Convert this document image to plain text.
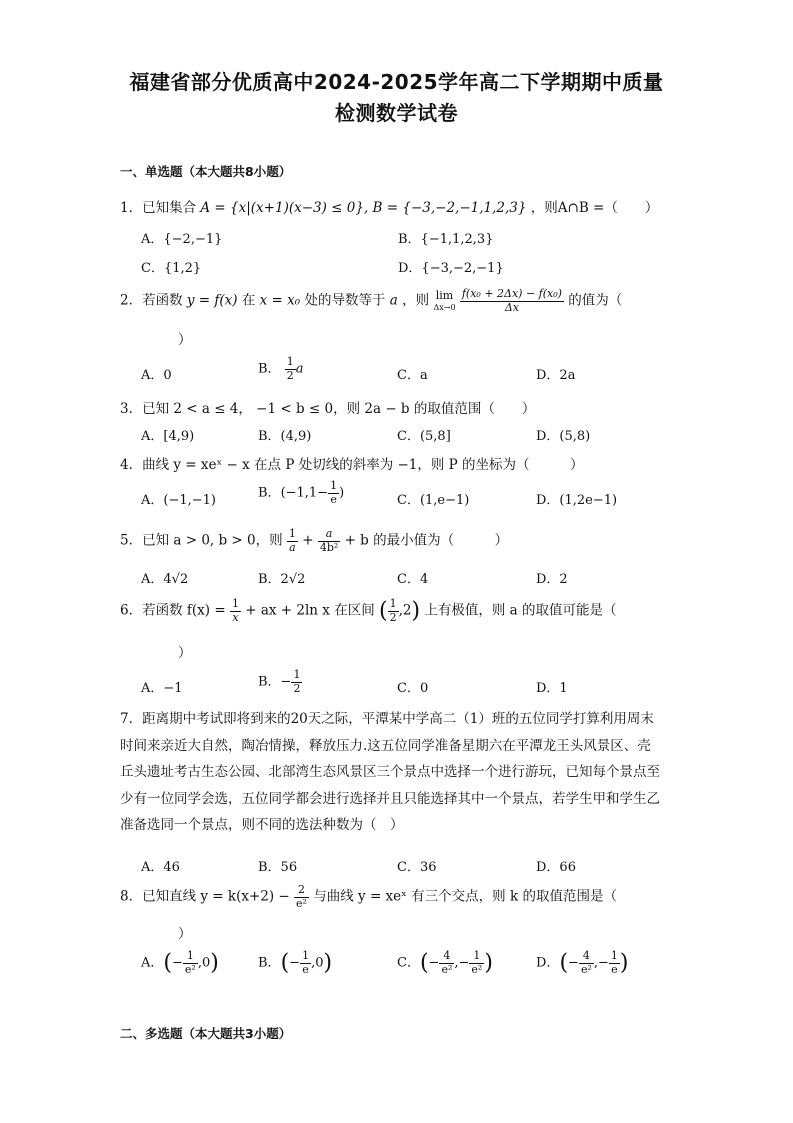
福建省部分优质高中2024-2025学年高二下学期期中质量
检测数学试卷
一、单选题（本大题共8小题）
1．已知集合 A = {x|(x+1)(x−3) ≤ 0}, B = {−3,−2,−1,1,2,3} ，则A∩B =（　　）
A．{−2,−1}	B．{−1,1,2,3}
C．{1,2}	D．{−3,−2,−1}
2．若函数 y = f(x) 在 x = x₀ 处的导数等于 a ，则 lim
Δx→0
$\frac{\text{f(x₀ + 2Δx) − f(x₀)}}{\Delta x}$ 的值为（
）
A．0	B． $\frac{1}{2}$ a	C．a	D．2a
3．已知 2 < a ≤ 4， −1 < b ≤ 0，则 2a − b 的取值范围（　　）
A．[4,9)	B．(4,9)	C．(5,8]	D．(5,8)
4．曲线 y = xeˣ − x 在点 P 处切线的斜率为 −1，则 P 的坐标为（　　　）
A．(−1,−1)	B．($-1,1- \frac{1}{e}$ )	C．(1,e−1)	D．(1,2e−1)
5．已知 a > 0, b > 0，则 $\frac{1}{a} + \frac{a}{\text{4b²}} + b$ 的最小值为（　　　）
A．4√2	B．2√2	C．4	D．2
6．若函数 $f(x) = \frac{1}{x}$ + ax + 2ln x 在区间 ( $\frac{1}{2} ,2$) 上有极值，则 a 的取值可能是（
）
A．−1	B．− $\frac{1}{2}$	C．0	D．1
7．距离期中考试即将到来的20天之际，平潭某中学高二（1）班的五位同学打算利用周末时间来亲近大自然，陶冶情操，释放压力.这五位同学准备星期六在平潭龙王头风景区、壳丘头遗址考古生态公园、北部湾生态风景区三个景点中选择一个进行游玩，已知每个景点至少有一位同学会选，五位同学都会进行选择并且只能选择其中一个景点，若学生甲和学生乙准备选同一个景点，则不同的选法种数为（　）
A．46	B．56	C．36	D．66
8．已知直线 $y = k(x+2) - \frac{2}{\text{e²}}$ 与曲线 y = xeˣ 有三个交点，则 k 的取值范围是（
）
A．(− $\frac{1}{\text{e²}} ,0$)	B．(− $\frac{1}{e} ,0$)	C．(− $\frac{4}{\text{e²}}$ ,− $\frac{1}{\text{e²}}$ )	D．(− $\frac{4}{\text{e²}}$ ,− $\frac{1}{e}$ )
二、多选题（本大题共3小题）
